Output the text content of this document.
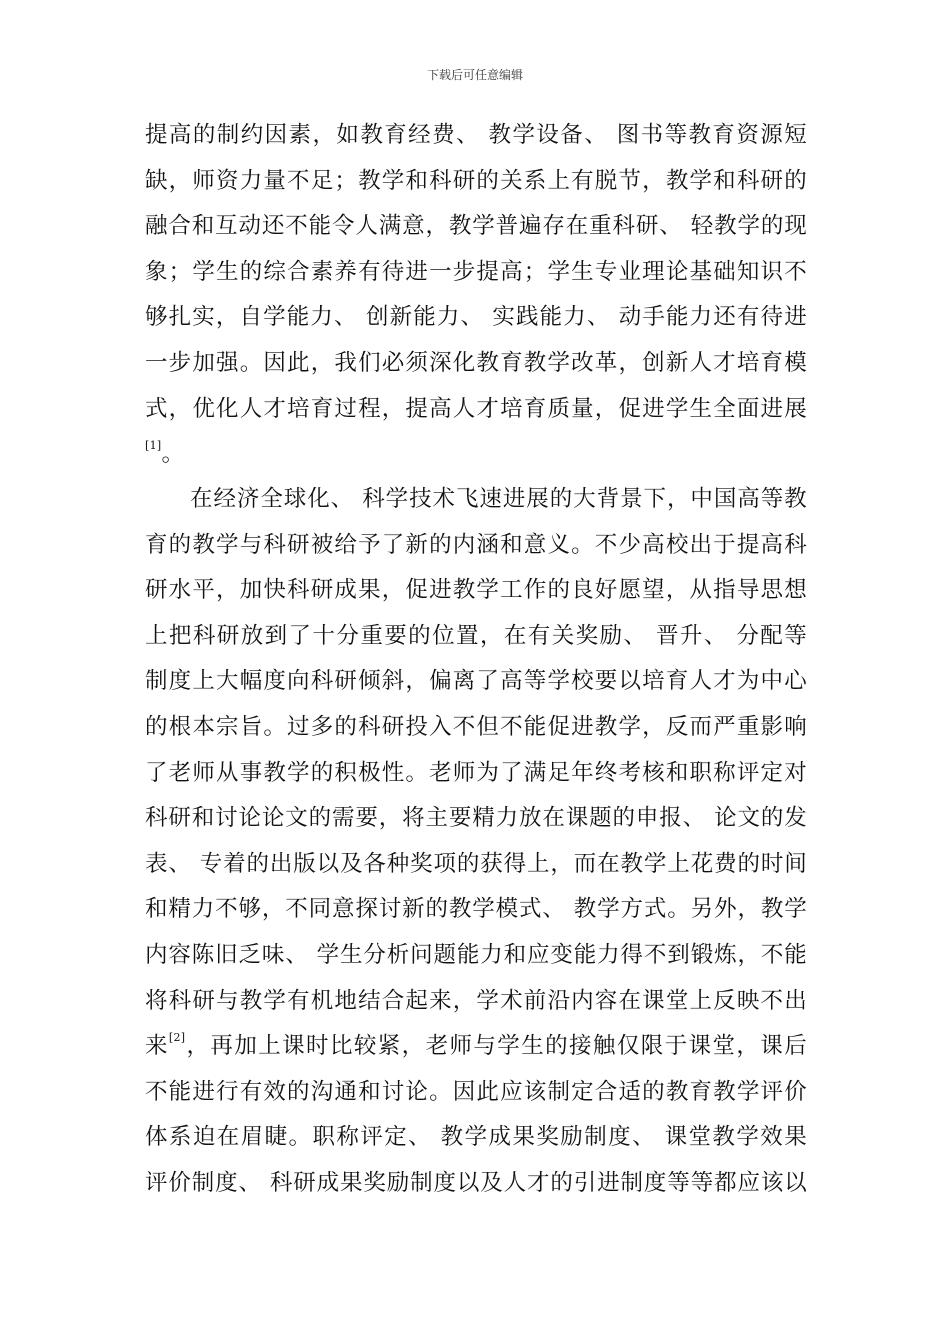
下载后可任意编辑
提高的制约因素，如教育经费、 教学设备、 图书等教育资源短
缺，师资力量不足；教学和科研的关系上有脱节，教学和科研的
融合和互动还不能令人满意，教学普遍存在重科研、 轻教学的现
象；学生的综合素养有待进一步提高；学生专业理论基础知识不
够扎实，自学能力、 创新能力、 实践能力、 动手能力还有待进
一步加强。因此，我们必须深化教育教学改革，创新人才培育模
式，优化人才培育过程，提高人才培育质量，促进学生全面进展
[1]。
在经济全球化、 科学技术飞速进展的大背景下，中国高等教
育的教学与科研被给予了新的内涵和意义。不少高校出于提高科
研水平，加快科研成果，促进教学工作的良好愿望，从指导思想
上把科研放到了十分重要的位置，在有关奖励、 晋升、 分配等
制度上大幅度向科研倾斜，偏离了高等学校要以培育人才为中心
的根本宗旨。过多的科研投入不但不能促进教学，反而严重影响
了老师从事教学的积极性。老师为了满足年终考核和职称评定对
科研和讨论论文的需要，将主要精力放在课题的申报、 论文的发
表、 专着的出版以及各种奖项的获得上，而在教学上花费的时间
和精力不够，不同意探讨新的教学模式、 教学方式。另外，教学
内容陈旧乏味、 学生分析问题能力和应变能力得不到锻炼，不能
将科研与教学有机地结合起来，学术前沿内容在课堂上反映不出
来[2]，再加上课时比较紧，老师与学生的接触仅限于课堂，课后
不能进行有效的沟通和讨论。因此应该制定合适的教育教学评价
体系迫在眉睫。职称评定、 教学成果奖励制度、 课堂教学效果
评价制度、 科研成果奖励制度以及人才的引进制度等等都应该以
